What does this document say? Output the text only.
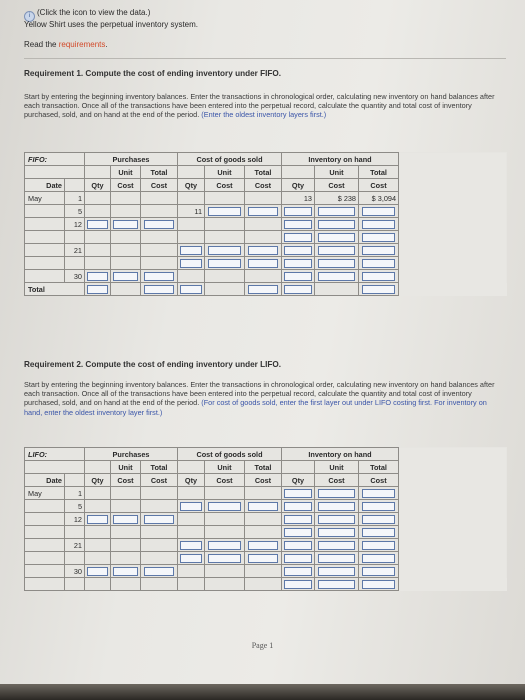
i (Click the icon to view the data.)
Yellow Shirt uses the perpetual inventory system.
Read the requirements.
Requirement 1. Compute the cost of ending inventory under FIFO.
Start by entering the beginning inventory balances. Enter the transactions in chronological order, calculating new inventory on hand balances after each transaction. Once all of the transactions have been entered into the perpetual record, calculate the quantity and total cost of inventory purchased, sold, and on hand at the end of the period. (Enter the oldest inventory layers first.)
FIFO:		Purchases			Cost of goods sold			Inventory on hand			
			Unit	Total		Unit	Total		Unit	Total	
Date		Qty	Cost	Cost	Qty	Cost	Cost	Qty	Cost	Cost	
May	1							13	$ 238	$ 3,094	
	5				11	

	12	

	21				

	30	

Total		

Requirement 2. Compute the cost of ending inventory under LIFO.
Start by entering the beginning inventory balances. Enter the transactions in chronological order, calculating new inventory on hand balances after each transaction. Once all of the transactions have been entered into the perpetual record, calculate the quantity and total cost of inventory purchased, sold, and on hand at the end of the period. (For cost of goods sold, enter the first layer out under LIFO costing first. For inventory on hand, enter the oldest inventory layer first.)
LIFO:		Purchases			Cost of goods sold			Inventory on hand			
			Unit	Total		Unit	Total		Unit	Total	
Date		Qty	Cost	Cost	Qty	Cost	Cost	Qty	Cost	Cost	
May	1							

	5				

	12	

	21				

	30	

Page 1
